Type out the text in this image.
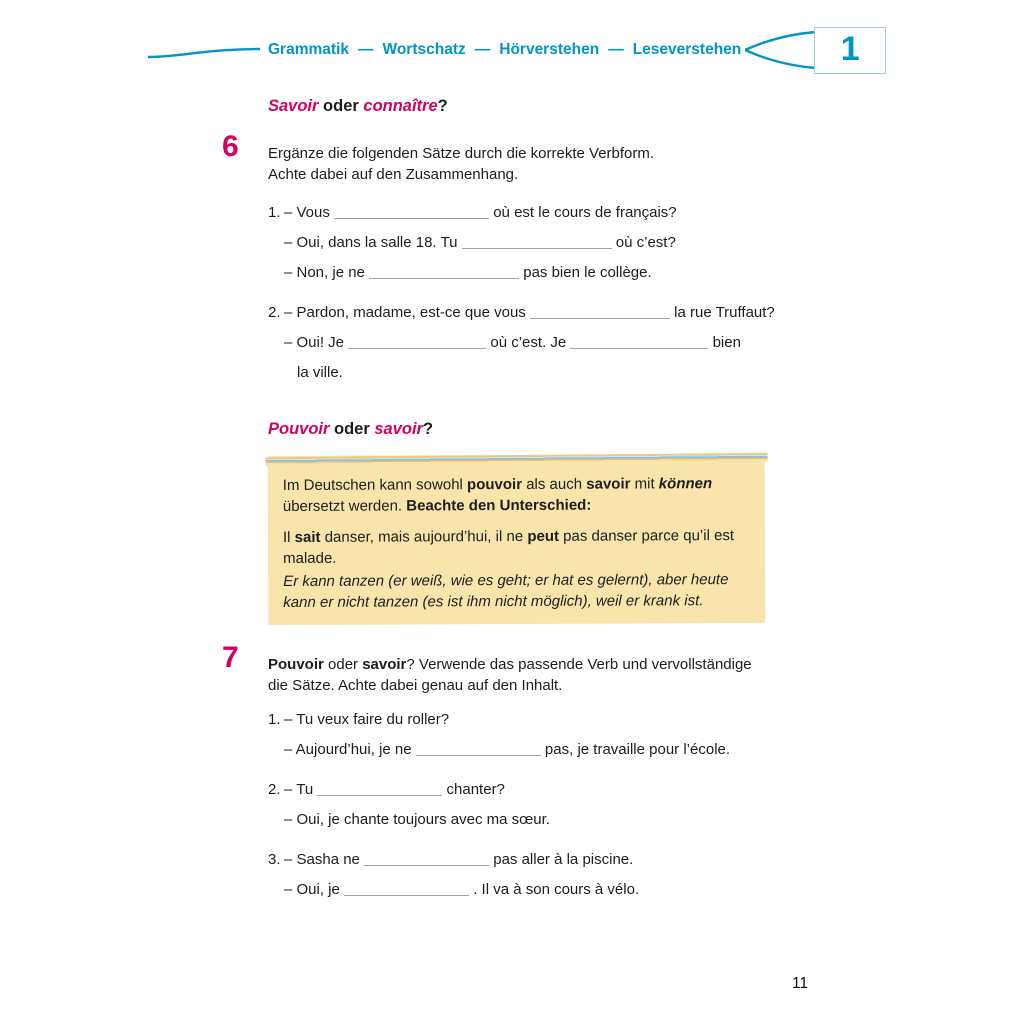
Grammatik — Wortschatz — Hörverstehen — Leseverstehen	1
Savoir oder connaître?
6 Ergänze die folgenden Sätze durch die korrekte Verbform.
Achte dabei auf den Zusammenhang.
1. – Vous	où est le cours de français?
– Oui, dans la salle 18. Tu	où c’est?
– Non, je ne	pas bien le collège.
2. – Pardon, madame, est-ce que vous	la rue Truffaut?
– Oui! Je	où c’est. Je	bien
la ville.
Pouvoir oder savoir?

Im Deutschen kann sowohl pouvoir als auch savoir mit können übersetzt werden. Beachte den Unterschied:

Il sait danser, mais aujourd’hui, il ne peut pas danser parce qu’il est malade.

Er kann tanzen (er weiß, wie es geht; er hat es gelernt), aber heute kann er nicht tanzen (es ist ihm nicht möglich), weil er krank ist.

7 Pouvoir oder savoir? Verwende das passende Verb und vervollständige die Sätze. Achte dabei genau auf den Inhalt.

1. – Tu veux faire du roller?
– Aujourd’hui, je ne	pas, je travaille pour l’école.
2. – Tu	chanter?
– Oui, je chante toujours avec ma sœur.
3. – Sasha ne	pas aller à la piscine.
– Oui, je	. Il va à son cours à vélo.
11
